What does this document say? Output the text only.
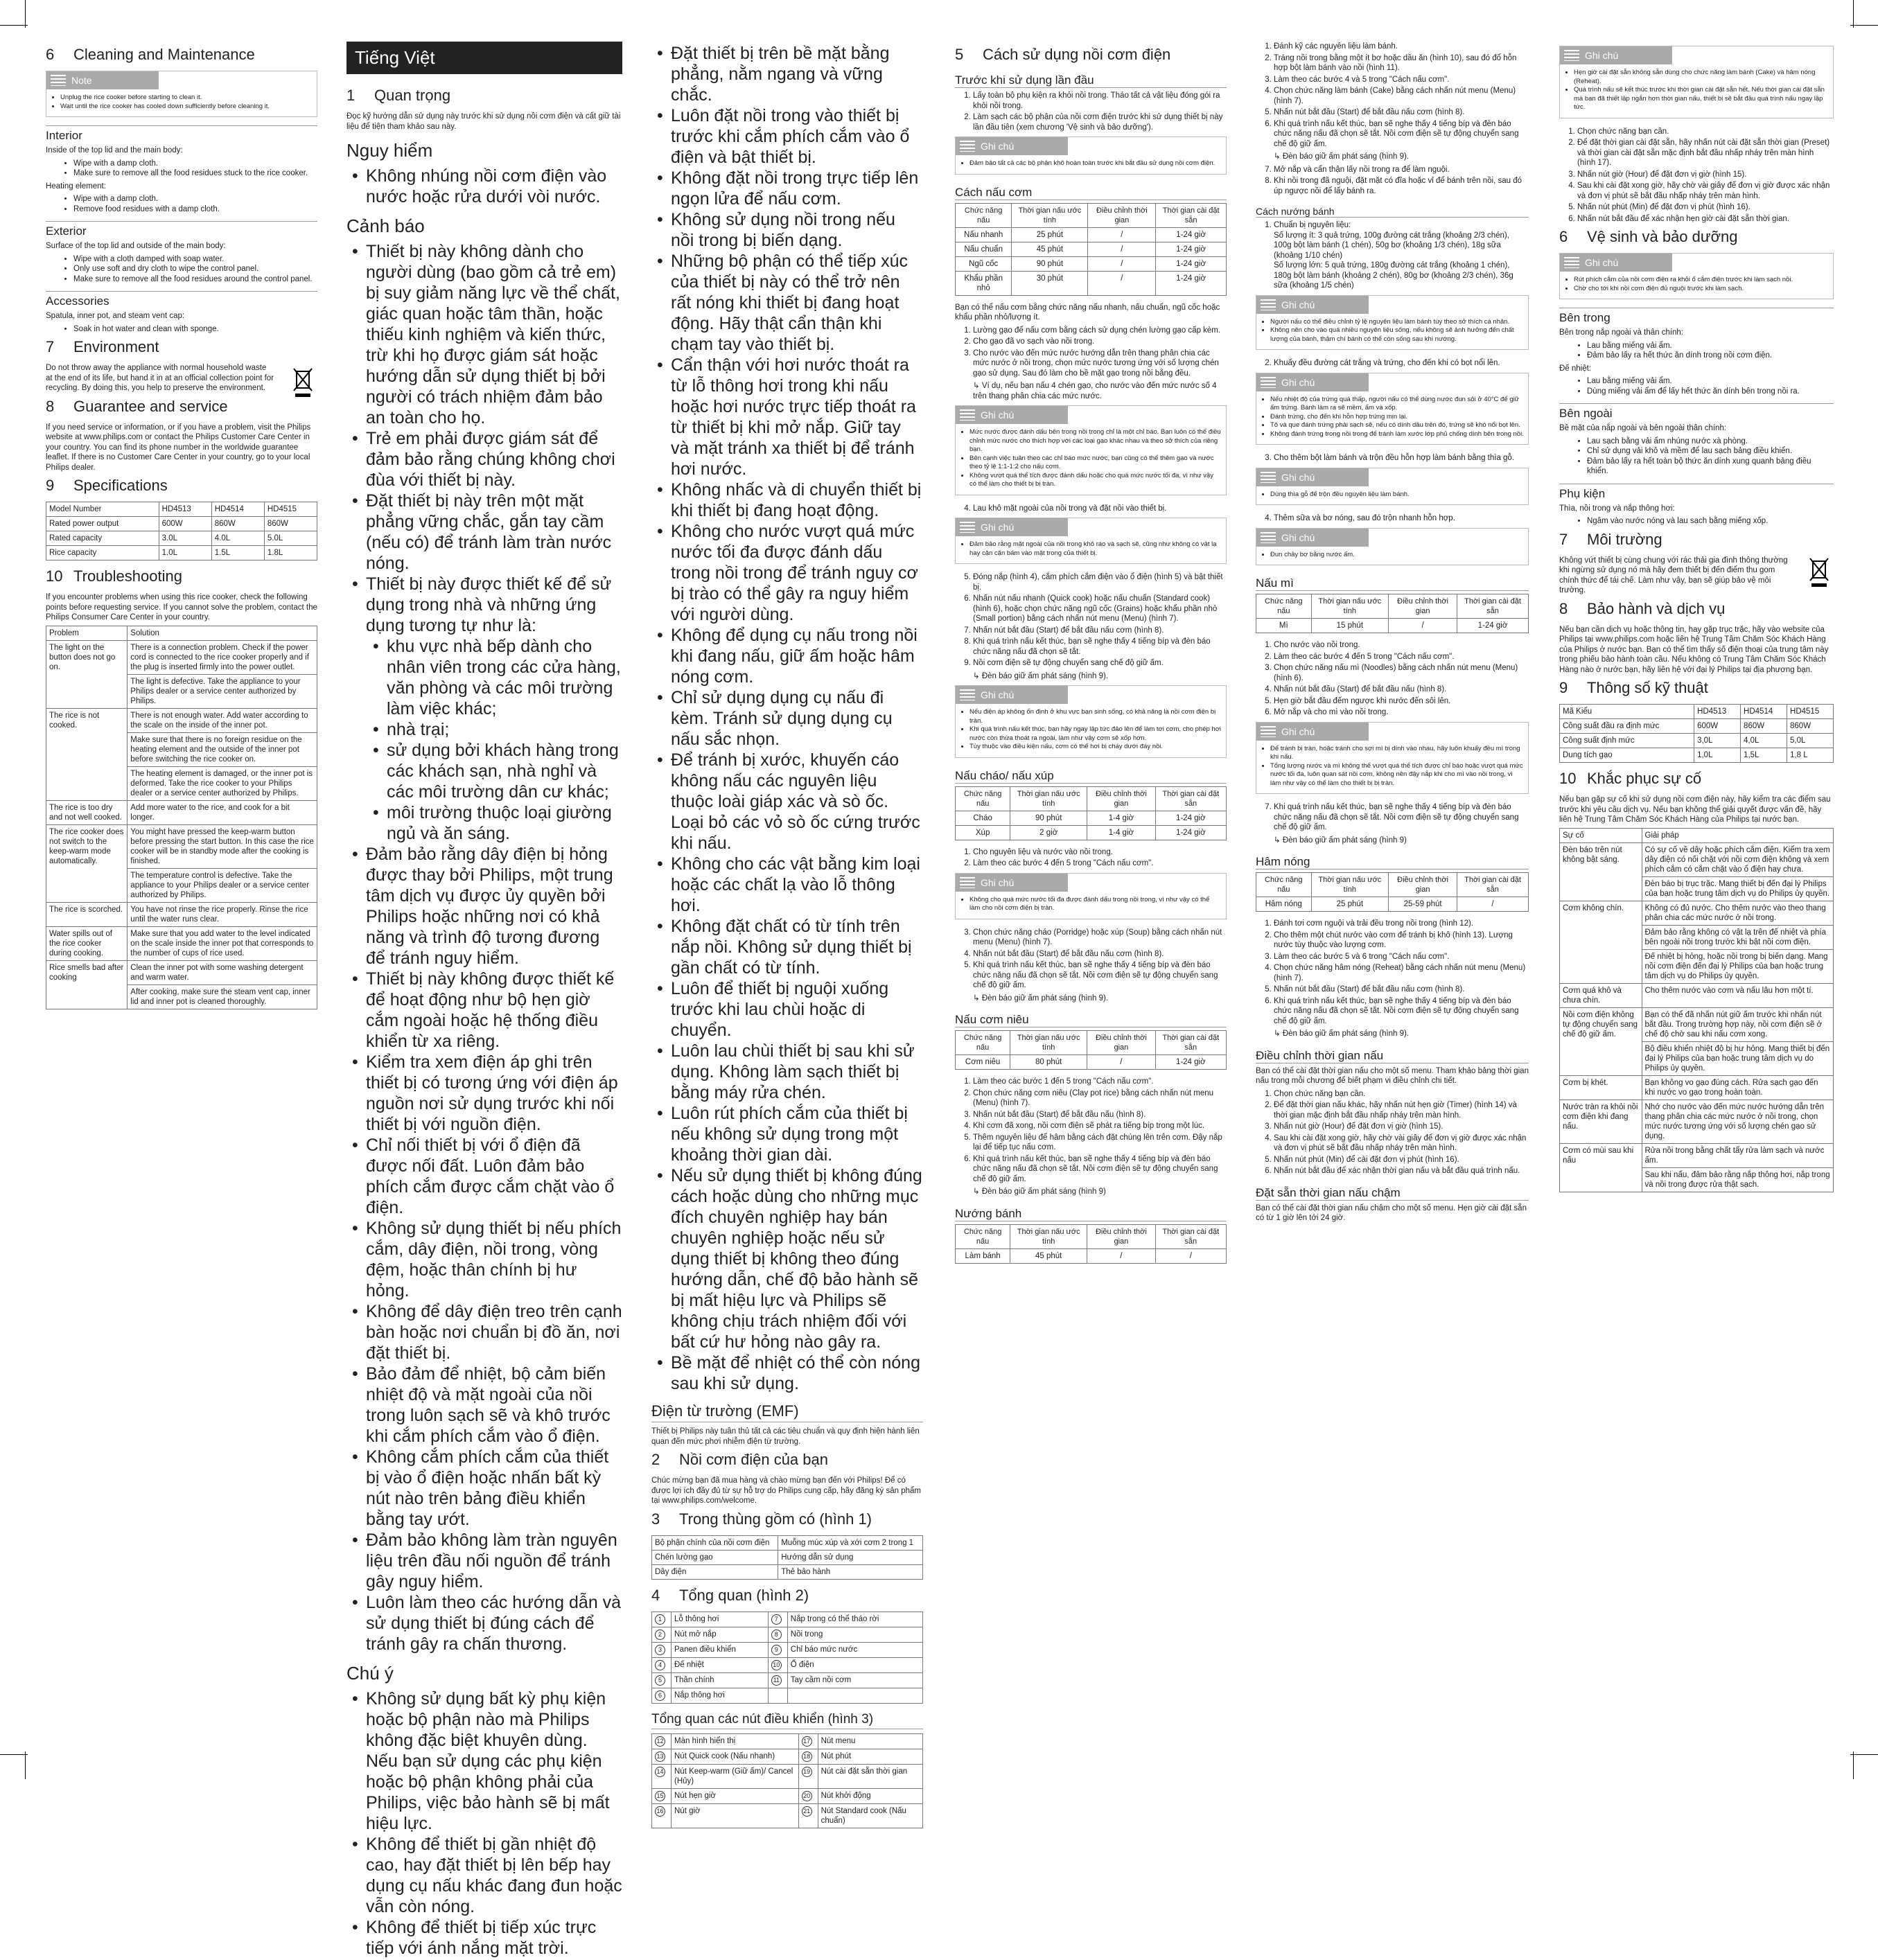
6 Cleaning and Maintenance
Note
• Unplug the rice cooker before starting to clean it.
• Wait until the rice cooker has cooled down sufficiently before cleaning it.
Interior

Inside of the top lid and the main body:

• Wipe with a damp cloth.
• Make sure to remove all the food residues stuck to the rice cooker.

Heating element:

• Wipe with a damp cloth.
• Remove food residues with a damp cloth.
Exterior

Surface of the top lid and outside of the main body:

• Wipe with a cloth damped with soap water.
• Only use soft and dry cloth to wipe the control panel.
• Make sure to remove all the food residues around the control panel.
Accessories

Spatula, inner pot, and steam vent cap:

• Soak in hot water and clean with sponge.
7 Environment

Do not throw away the appliance with normal household waste at the end of its life, but hand it in at an official collection point for recycling. By doing this, you help to preserve the environment.

8 Guarantee and service

If you need service or information, or if you have a problem, visit the Philips website at www.philips.com or contact the Philips Customer Care Center in your country. You can find its phone number in the worldwide guarantee leaflet. If there is no Customer Care Center in your country, go to your local Philips dealer.

9 Specifications
Model Number	HD4513	HD4514	HD4515
Rated power output	600W	860W	860W
Rated capacity	3.0L	4.0L	5.0L
Rice capacity	1.0L	1.5L	1.8L
10 Troubleshooting

If you encounter problems when using this rice cooker, check the following points before requesting service. If you cannot solve the problem, contact the Philips Consumer Care Center in your country.

Problem	Solution
The light on the button does not go on.	There is a connection problem. Check if the power cord is connected to the rice cooker properly and if the plug is inserted firmly into the power outlet.
	The light is defective. Take the appliance to your Philips dealer or a service center authorized by Philips.
The rice is not cooked.	There is not enough water. Add water according to the scale on the inside of the inner pot.
	Make sure that there is no foreign residue on the heating element and the outside of the inner pot before switching the rice cooker on.
	The heating element is damaged, or the inner pot is deformed. Take the rice cooker to your Philips dealer or a service center authorized by Philips.
The rice is too dry and not well cooked.	Add more water to the rice, and cook for a bit longer.
The rice cooker does not switch to the keep-warm mode automatically.	You might have pressed the keep-warm button before pressing the start button. In this case the rice cooker will be in standby mode after the cooking is finished.
	The temperature control is defective. Take the appliance to your Philips dealer or a service center authorized by Philips.
The rice is scorched.	You have not rinse the rice properly. Rinse the rice until the water runs clear.
Water spills out of the rice cooker during cooking.	Make sure that you add water to the level indicated on the scale inside the inner pot that corresponds to the number of cups of rice used.
Rice smells bad after cooking	Clean the inner pot with some washing detergent and warm water.
	After cooking, make sure the steam vent cap, inner lid and inner pot is cleaned thoroughly.
Tiếng Việt
1 Quan trọng

Đọc kỹ hướng dẫn sử dụng này trước khi sử dụng nồi cơm điện và cất giữ tài liệu để tiện tham khảo sau này.

Nguy hiểm
• Không nhúng nồi cơm điện vào nước hoặc rửa dưới vòi nước.
Cảnh báo
• Thiết bị này không dành cho người dùng (bao gồm cả trẻ em) bị suy giảm năng lực về thể chất, giác quan hoặc tâm thần, hoặc thiếu kinh nghiệm và kiến thức, trừ khi họ được giám sát hoặc hướng dẫn sử dụng thiết bị bởi người có trách nhiệm đảm bảo an toàn cho họ.
• Trẻ em phải được giám sát để đảm bảo rằng chúng không chơi đùa với thiết bị này.
• Đặt thiết bị này trên một mặt phẳng vững chắc, gắn tay cầm (nếu có) để tránh làm tràn nước nóng.
• Thiết bị này được thiết kế để sử dụng trong nhà và những ứng dụng tương tự như là:
• khu vực nhà bếp dành cho nhân viên trong các cửa hàng, văn phòng và các môi trường làm việc khác;
• nhà trại;
• sử dụng bởi khách hàng trong các khách sạn, nhà nghỉ và các môi trường dân cư khác;
• môi trường thuộc loại giường ngủ và ăn sáng.
• Đảm bảo rằng dây điện bị hỏng được thay bởi Philips, một trung tâm dịch vụ được ủy quyền bởi Philips hoặc những nơi có khả năng và trình độ tương đương để tránh nguy hiểm.
• Thiết bị này không được thiết kế để hoạt động như bộ hẹn giờ cắm ngoài hoặc hệ thống điều khiển từ xa riêng.
• Kiểm tra xem điện áp ghi trên thiết bị có tương ứng với điện áp nguồn nơi sử dụng trước khi nối thiết bị với nguồn điện.
• Chỉ nối thiết bị với ổ điện đã được nối đất. Luôn đảm bảo phích cắm được cắm chặt vào ổ điện.
• Không sử dụng thiết bị nếu phích cắm, dây điện, nồi trong, vòng đệm, hoặc thân chính bị hư hỏng.
• Không để dây điện treo trên cạnh bàn hoặc nơi chuẩn bị đồ ăn, nơi đặt thiết bị.
• Bảo đảm để nhiệt, bộ cảm biến nhiệt độ và mặt ngoài của nồi trong luôn sạch sẽ và khô trước khi cắm phích cắm vào ổ điện.
• Không cắm phích cắm của thiết bị vào ổ điện hoặc nhấn bất kỳ nút nào trên bảng điều khiển bằng tay ướt.
• Đảm bảo không làm tràn nguyên liệu trên đầu nối nguồn để tránh gây nguy hiểm.
• Luôn làm theo các hướng dẫn và sử dụng thiết bị đúng cách để tránh gây ra chấn thương.
Chú ý
• Không sử dụng bất kỳ phụ kiện hoặc bộ phận nào mà Philips không đặc biệt khuyên dùng. Nếu bạn sử dụng các phụ kiện hoặc bộ phận không phải của Philips, việc bảo hành sẽ bị mất hiệu lực.
• Không để thiết bị gần nhiệt độ cao, hay đặt thiết bị lên bếp hay dụng cụ nấu khác đang đun hoặc vẫn còn nóng.
• Không để thiết bị tiếp xúc trực tiếp với ánh nắng mặt trời.
• Đặt thiết bị trên bề mặt bằng phẳng, nằm ngang và vững chắc.
• Luôn đặt nồi trong vào thiết bị trước khi cắm phích cắm vào ổ điện và bật thiết bị.
• Không đặt nồi trong trực tiếp lên ngọn lửa để nấu cơm.
• Không sử dụng nồi trong nếu nồi trong bị biến dạng.
• Những bộ phận có thể tiếp xúc của thiết bị này có thể trở nên rất nóng khi thiết bị đang hoạt động. Hãy thật cẩn thận khi chạm tay vào thiết bị.
• Cẩn thận với hơi nước thoát ra từ lỗ thông hơi trong khi nấu hoặc hơi nước trực tiếp thoát ra từ thiết bị khi mở nắp. Giữ tay và mặt tránh xa thiết bị để tránh hơi nước.
• Không nhấc và di chuyển thiết bị khi thiết bị đang hoạt động.
• Không cho nước vượt quá mức nước tối đa được đánh dấu trong nồi trong để tránh nguy cơ bị trào có thể gây ra nguy hiểm với người dùng.
• Không để dụng cụ nấu trong nồi khi đang nấu, giữ ấm hoặc hâm nóng cơm.
• Chỉ sử dụng dụng cụ nấu đi kèm. Tránh sử dụng dụng cụ nấu sắc nhọn.
• Để tránh bị xước, khuyến cáo không nấu các nguyên liệu thuộc loài giáp xác và sò ốc. Loại bỏ các vỏ sò ốc cứng trước khi nấu.
• Không cho các vật bằng kim loại hoặc các chất lạ vào lỗ thông hơi.
• Không đặt chất có từ tính trên nắp nồi. Không sử dụng thiết bị gần chất có từ tính.
• Luôn để thiết bị nguội xuống trước khi lau chùi hoặc di chuyển.
• Luôn lau chùi thiết bị sau khi sử dụng. Không làm sạch thiết bị bằng máy rửa chén.
• Luôn rút phích cắm của thiết bị nếu không sử dụng trong một khoảng thời gian dài.
• Nếu sử dụng thiết bị không đúng cách hoặc dùng cho những mục đích chuyên nghiệp hay bán chuyên nghiệp hoặc nếu sử dụng thiết bị không theo đúng hướng dẫn, chế độ bảo hành sẽ bị mất hiệu lực và Philips sẽ không chịu trách nhiệm đối với bất cứ hư hỏng nào gây ra.
• Bề mặt để nhiệt có thể còn nóng sau khi sử dụng.
Điện từ trường (EMF)

Thiết bị Philips này tuân thủ tất cả các tiêu chuẩn và quy định hiện hành liên quan đến mức phơi nhiễm điện từ trường.

2 Nồi cơm điện của bạn

Chúc mừng bạn đã mua hàng và chào mừng bạn đến với Philips! Để có được lợi ích đầy đủ từ sự hỗ trợ do Philips cung cấp, hãy đăng ký sản phẩm tại www.philips.com/welcome.

3 Trong thùng gồm có (hình 1)
Bộ phận chính của nồi cơm điện	Muỗng múc xúp và xới cơm 2 trong 1
Chén lường gạo	Hướng dẫn sử dụng
Dây điện	Thẻ bảo hành
4 Tổng quan (hình 2)
1	Lỗ thông hơi	7	Nắp trong có thể tháo rời
2	Nút mở nắp	8	Nồi trong
3	Panen điều khiển	9	Chỉ báo mức nước
4	Đế nhiệt	10	Ổ điện
5	Thân chính	11	Tay cầm nồi cơm
6	Nắp thông hơi		
Tổng quan các nút điều khiển (hình 3)
12	Màn hình hiển thị	17	Nút menu
13	Nút Quick cook (Nấu nhanh)	18	Nút phút
14	Nút Keep-warm (Giữ ấm)/ Cancel (Hủy)	19	Nút cài đặt sẵn thời gian
15	Nút hẹn giờ	20	Nút khởi động
16	Nút giờ	21	Nút Standard cook (Nấu chuẩn)
5 Cách sử dụng nồi cơm điện
Trước khi sử dụng lần đầu
1. Lấy toàn bộ phụ kiện ra khỏi nồi trong. Tháo tất cả vật liệu đóng gói ra khỏi nồi trong.
2. Làm sạch các bộ phận của nồi cơm điện trước khi sử dụng thiết bị này lần đầu tiên (xem chương 'Vệ sinh và bảo dưỡng').
Ghi chú
• Đảm bảo tất cả các bộ phận khô hoàn toàn trước khi bắt đầu sử dụng nồi cơm điện.
Cách nấu cơm
Chức năng nấu	Thời gian nấu ước tính	Điều chỉnh thời gian	Thời gian cài đặt sẵn
Nấu nhanh	25 phút	/	1-24 giờ
Nấu chuẩn	45 phút	/	1-24 giờ
Ngũ cốc	90 phút	/	1-24 giờ
Khẩu phần nhỏ	30 phút	/	1-24 giờ

Bạn có thể nấu cơm bằng chức năng nấu nhanh, nấu chuẩn, ngũ cốc hoặc khẩu phần nhỏ/lượng ít.

1. Lường gạo để nấu cơm bằng cách sử dụng chén lường gạo cấp kèm.
2. Cho gạo đã vo sạch vào nồi trong.
3. Cho nước vào đến mức nước hướng dẫn trên thang phân chia các mức nước ở nồi trong, chọn mức nước tương ứng với số lượng chén gạo sử dụng. Sau đó làm cho bề mặt gạo trong nồi bằng đều.

↳ Ví dụ, nếu bạn nấu 4 chén gạo, cho nước vào đến mức nước số 4 trên thang phân chia các mức nước.

Ghi chú
• Mức nước được đánh dấu bên trong nồi trong chỉ là một chỉ báo. Bạn luôn có thể điều chỉnh mức nước cho thích hợp với các loại gạo khác nhau và theo sở thích của riêng bạn.
• Bên cạnh việc tuân theo các chỉ báo mức nước, bạn cũng có thể thêm gạo và nước theo tỷ lệ 1:1-1:2 cho nấu cơm.
• Không vượt quá thể tích được đánh dấu hoặc cho quá mức nước tối đa, vì như vậy có thể làm cho thiết bị bị tràn.
4. Lau khô mặt ngoài của nồi trong và đặt nồi vào thiết bị.
Ghi chú
• Đảm bảo rằng mặt ngoài của nồi trong khô ráo và sạch sẽ, cũng như không có vật lạ hay cặn cặn bám vào mặt trong của thiết bị.
5. Đóng nắp (hình 4), cắm phích cắm điện vào ổ điện (hình 5) và bật thiết bị.
6. Nhấn nút nấu nhanh (Quick cook) hoặc nấu chuẩn (Standard cook) (hình 6), hoặc chọn chức năng ngũ cốc (Grains) hoặc khẩu phần nhỏ (Small portion) bằng cách nhấn nút menu (Menu) (hình 7).
7. Nhấn nút bắt đầu (Start) để bắt đầu nấu cơm (hình 8).
8. Khi quá trình nấu kết thúc, bạn sẽ nghe thấy 4 tiếng bíp và đèn báo chức năng nấu đã chọn sẽ tắt.
9. Nồi cơm điện sẽ tự động chuyển sang chế độ giữ ấm.

↳ Đèn báo giữ ấm phát sáng (hình 9).

Ghi chú
• Nếu điện áp không ổn định ở khu vực bạn sinh sống, có khả năng là nồi cơm điện bị tràn.
• Khi quá trình nấu kết thúc, bạn hãy ngay lập tức đảo lên để làm tơi cơm, cho phép hơi nước còn thừa thoát ra ngoài, làm như vậy cơm sẽ xốp hơn.
• Tùy thuộc vào điều kiện nấu, cơm có thể hơi bị cháy dưới đáy nồi.
Nấu cháo/ nấu xúp
Chức năng nấu	Thời gian nấu ước tính	Điều chỉnh thời gian	Thời gian cài đặt sẵn
Cháo	90 phút	1-4 giờ	1-24 giờ
Xúp	2 giờ	1-4 giờ	1-24 giờ
1. Cho nguyên liệu và nước vào nồi trong.
2. Làm theo các bước 4 đến 5 trong "Cách nấu cơm".
Ghi chú
• Không cho quá mức nước tối đa được đánh dấu trong nồi trong, vì như vậy có thể làm cho nồi cơm điện bị tràn.
3. Chọn chức năng cháo (Porridge) hoặc xúp (Soup) bằng cách nhấn nút menu (Menu) (hình 7).
4. Nhấn nút bắt đầu (Start) để bắt đầu nấu cơm (hình 8).
5. Khi quá trình nấu kết thúc, bạn sẽ nghe thấy 4 tiếng bíp và đèn báo chức năng nấu đã chọn sẽ tắt. Nồi cơm điện sẽ tự động chuyển sang chế độ giữ ấm.

↳ Đèn báo giữ ấm phát sáng (hình 9).

Nấu cơm niêu
Chức năng nấu	Thời gian nấu ước tính	Điều chỉnh thời gian	Thời gian cài đặt sẵn
Cơm niêu	80 phút	/	1-24 giờ
1. Làm theo các bước 1 đến 5 trong "Cách nấu cơm".
2. Chọn chức năng cơm niêu (Clay pot rice) bằng cách nhấn nút menu (Menu) (hình 7).
3. Nhấn nút bắt đầu (Start) để bắt đầu nấu (hình 8).
4. Khi cơm đã xong, nồi cơm điện sẽ phát ra tiếng bíp trong một lúc.
5. Thêm nguyên liệu để hâm bằng cách đặt chúng lên trên cơm. Đậy nắp lại để tiếp tục nấu cơm.
6. Khi quá trình nấu kết thúc, bạn sẽ nghe thấy 4 tiếng bíp và đèn báo chức năng nấu đã chọn sẽ tắt. Nồi cơm điện sẽ tự động chuyển sang chế độ giữ ấm.

↳ Đèn báo giữ ấm phát sáng (hình 9)

Nướng bánh
Chức năng nấu	Thời gian nấu ước tính	Điều chỉnh thời gian	Thời gian cài đặt sẵn
Làm bánh	45 phút	/	/
1. Đánh kỹ các nguyên liệu làm bánh.
2. Tráng nồi trong bằng một ít bơ hoặc dầu ăn (hình 10), sau đó đổ hỗn hợp bột làm bánh vào nồi (hình 11).
3. Làm theo các bước 4 và 5 trong "Cách nấu cơm".
4. Chọn chức năng làm bánh (Cake) bằng cách nhấn nút menu (Menu) (hình 7).
5. Nhấn nút bắt đầu (Start) để bắt đầu nấu cơm (hình 8).
6. Khi quá trình nấu kết thúc, bạn sẽ nghe thấy 4 tiếng bíp và đèn báo chức năng nấu đã chọn sẽ tắt. Nồi cơm điện sẽ tự động chuyển sang chế độ giữ ấm.

↳ Đèn báo giữ ấm phát sáng (hình 9).

7. Mở nắp và cẩn thận lấy nồi trong ra để làm nguội.
8. Khi nồi trong đã nguội, đặt mặt có đĩa hoặc vỉ để bánh trên nồi, sau đó úp ngược nồi để lấy bánh ra.
Cách nướng bánh
1. Chuẩn bị nguyên liệu:
Số lượng ít: 3 quả trứng, 100g đường cát trắng (khoảng 2/3 chén), 100g bột làm bánh (1 chén), 50g bơ (khoảng 1/3 chén), 18g sữa (khoảng 1/10 chén)
Số lượng lớn: 5 quả trứng, 180g đường cát trắng (khoảng 1 chén), 180g bột làm bánh (khoảng 2 chén), 80g bơ (khoảng 2/3 chén), 36g sữa (khoảng 1/5 chén)
Ghi chú
• Người nấu có thể điều chỉnh tỷ lệ nguyên liệu làm bánh tùy theo sở thích cá nhân.
• Không nên cho vào quá nhiều nguyên liệu sống, nếu không sẽ ảnh hưởng đến chất lượng của bánh, thậm chí bánh có thể còn sống sau khi nướng.
2. Khuấy đều đường cát trắng và trứng, cho đến khi có bọt nổi lên.
Ghi chú
• Nếu nhiệt độ của trứng quá thấp, người nấu có thể dùng nước đun sôi ở 40°C để giữ ấm trứng. Bánh làm ra sẽ mềm, ẩm và xốp.
• Đánh trứng, cho đến khi hỗn hợp trứng mịn lại.
• Tô và que đánh trứng phải sạch sẽ, nếu có dính dầu trên đó, trứng sẽ khó nổi bọt lên.
• Không đánh trứng trong nồi trong để tránh làm xước lớp phủ chống dính bên trong nồi.
3. Cho thêm bột làm bánh và trộn đều hỗn hợp làm bánh bằng thìa gỗ.
Ghi chú
• Dùng thìa gỗ để trộn đều nguyên liệu làm bánh.
4. Thêm sữa và bơ nóng, sau đó trộn nhanh hỗn hợp.
Ghi chú
• Đun chảy bơ bằng nước ấm.
Nấu mì
Chức năng nấu	Thời gian nấu ước tính	Điều chỉnh thời gian	Thời gian cài đặt sẵn
Mì	15 phút	/	1-24 giờ
1. Cho nước vào nồi trong.
2. Làm theo các bước 4 đến 5 trong "Cách nấu cơm".
3. Chọn chức năng nấu mì (Noodles) bằng cách nhấn nút menu (Menu) (hình 6).
4. Nhấn nút bắt đầu (Start) để bắt đầu nấu (hình 8).
5. Hẹn giờ bắt đầu đếm ngược khi nước đến sôi lên.
6. Mở nắp và cho mì vào nồi trong.
Ghi chú
• Để tránh bị tràn, hoặc tránh cho sợi mì bị dính vào nhau, hãy luôn khuấy đều mì trong khi nấu.
• Tổng lượng nước và mì không thể vượt quá thể tích được chỉ báo hoặc vượt quá mức nước tối đa, luôn quan sát nồi cơm, không nên đậy nắp khi cho mì vào nồi trong, vì làm như vậy có thể làm cho thiết bị bị tràn.
7. Khi quá trình nấu kết thúc, bạn sẽ nghe thấy 4 tiếng bíp và đèn báo chức năng nấu đã chọn sẽ tắt. Nồi cơm điện sẽ tự động chuyển sang chế độ giữ ấm.

↳ Đèn báo giữ ấm phát sáng (hình 9)

Hâm nóng
Chức năng nấu	Thời gian nấu ước tính	Điều chỉnh thời gian	Thời gian cài đặt sẵn
Hâm nóng	25 phút	25-59 phút	/
1. Đánh tơi cơm nguội và trải đều trong nồi trong (hình 12).
2. Cho thêm một chút nước vào cơm để tránh bị khô (hình 13). Lượng nước tùy thuộc vào lượng cơm.
3. Làm theo các bước 5 và 6 trong "Cách nấu cơm".
4. Chọn chức năng hâm nóng (Reheat) bằng cách nhấn nút menu (Menu) (hình 7).
5. Nhấn nút bắt đầu (Start) để bắt đầu nấu cơm (hình 8).
6. Khi quá trình nấu kết thúc, bạn sẽ nghe thấy 4 tiếng bíp và đèn báo chức năng nấu đã chọn sẽ tắt. Nồi cơm điện sẽ tự động chuyển sang chế độ giữ ấm.

↳ Đèn báo giữ ấm phát sáng (hình 9).

Điều chỉnh thời gian nấu

Bạn có thể cài đặt thời gian nấu cho một số menu. Tham khảo bảng thời gian nấu trong mỗi chương để biết phạm vi điều chỉnh chi tiết.

1. Chọn chức năng bạn cần.
2. Để đặt thời gian nấu khác, hãy nhấn nút hẹn giờ (Timer) (hình 14) và thời gian mặc định bắt đầu nhấp nháy trên màn hình.
3. Nhấn nút giờ (Hour) để đặt đơn vị giờ (hình 15).
4. Sau khi cài đặt xong giờ, hãy chờ vài giây để đơn vị giờ được xác nhận và đơn vị phút sẽ bắt đầu nhấp nháy trên màn hình.
5. Nhấn nút phút (Min) để cài đặt đơn vị phút (hình 16).
6. Nhấn nút bắt đầu để xác nhận thời gian nấu và bắt đầu quá trình nấu.
Đặt sẵn thời gian nấu chậm

Bạn có thể cài đặt thời gian nấu chậm cho một số menu. Hẹn giờ cài đặt sẵn có từ 1 giờ lên tới 24 giờ.

Ghi chú
• Hẹn giờ cài đặt sẵn không sẵn dùng cho chức năng làm bánh (Cake) và hâm nóng (Reheat).
• Quá trình nấu sẽ kết thúc trước khi thời gian cài đặt sẵn hết. Nếu thời gian cài đặt sẵn mà bạn đã thiết lập ngắn hơn thời gian nấu, thiết bị sẽ bắt đầu quá trình nấu ngay lập tức.
1. Chọn chức năng bạn cần.
2. Để đặt thời gian cài đặt sẵn, hãy nhấn nút cài đặt sẵn thời gian (Preset) và thời gian cài đặt sẵn mặc định bắt đầu nhấp nháy trên màn hình (hình 17).
3. Nhấn nút giờ (Hour) để đặt đơn vị giờ (hình 15).
4. Sau khi cài đặt xong giờ, hãy chờ vài giây để đơn vị giờ được xác nhận và đơn vị phút sẽ bắt đầu nhấp nháy trên màn hình.
5. Nhấn nút phút (Min) để đặt đơn vị phút (hình 16).
6. Nhấn nút bắt đầu để xác nhận hẹn giờ cài đặt sẵn thời gian.
6 Vệ sinh và bảo dưỡng
Ghi chú
• Rút phích cắm của nồi cơm điện ra khỏi ổ cắm điện trước khi làm sạch nồi.
• Chờ cho tới khi nồi cơm điện đủ nguội trước khi làm sạch.
Bên trong

Bên trong nắp ngoài và thân chính:

• Lau bằng miếng vải ẩm.
• Đảm bảo lấy ra hết thức ăn dính trong nồi cơm điện.

Đế nhiệt:

• Lau bằng miếng vải ẩm.
• Dùng miếng vải ẩm để lấy hết thức ăn dính bên trong nồi ra.
Bên ngoài

Bề mặt của nắp ngoài và bên ngoài thân chính:

• Lau sạch bằng vải ẩm nhúng nước xà phòng.
• Chỉ sử dụng vải khô và mềm để lau sạch bảng điều khiển.
• Đảm bảo lấy ra hết toàn bộ thức ăn dính xung quanh bảng điều khiển.
Phụ kiện

Thìa, nồi trong và nắp thông hơi:

• Ngâm vào nước nóng và lau sạch bằng miếng xốp.
7 Môi trường

Không vứt thiết bị cùng chung với rác thải gia đình thông thường khi ngừng sử dụng nó mà hãy đem thiết bị đến điểm thu gom chính thức để tái chế. Làm như vậy, bạn sẽ giúp bảo vệ môi trường.

8 Bảo hành và dịch vụ

Nếu bạn cần dịch vụ hoặc thông tin, hay gặp trục trặc, hãy vào website của Philips tại www.philips.com hoặc liên hệ Trung Tâm Chăm Sóc Khách Hàng của Philips ở nước bạn. Bạn có thể tìm thấy số điện thoại của trung tâm này trong phiếu bảo hành toàn cầu. Nếu không có Trung Tâm Chăm Sóc Khách Hàng nào ở nước bạn, hãy liên hệ với đại lý Philips tại địa phương bạn.

9 Thông số kỹ thuật
Mã Kiểu	HD4513	HD4514	HD4515
Công suất đầu ra định mức	600W	860W	860W
Công suất định mức	3,0L	4,0L	5,0L
Dung tích gạo	1,0L	1,5L	1,8 L
10 Khắc phục sự cố

Nếu bạn gặp sự cố khi sử dụng nồi cơm điện này, hãy kiểm tra các điểm sau trước khi yêu cầu dịch vụ. Nếu bạn không thể giải quyết được vấn đề, hãy liên hệ Trung Tâm Chăm Sóc Khách Hàng của Philips tại nước bạn.

Sự cố	Giải pháp
Đèn báo trên nút không bật sáng.	Có sự cố về dây hoặc phích cắm điện. Kiểm tra xem dây điện có nối chặt với nồi cơm điện không và xem phích cắm có cắm chặt vào ổ điện hay chưa.
	Đèn báo bị trục trặc. Mang thiết bị đến đại lý Philips của bạn hoặc trung tâm dịch vụ do Philips ủy quyền.
Cơm không chín.	Không có đủ nước. Cho thêm nước vào theo thang phân chia các mức nước ở nồi trong.
	Đảm bảo rằng không có vật lạ trên đế nhiệt và phía bên ngoài nồi trong trước khi bật nồi cơm điện.
	Đế nhiệt bị hỏng, hoặc nồi trong bị biến dạng. Mang nồi cơm điện đến đại lý Philips của bạn hoặc trung tâm dịch vụ do Philips ủy quyền.
Cơm quá khô và chưa chín.	Cho thêm nước vào cơm và nấu lâu hơn một tí.
Nồi cơm điện không tự động chuyển sang chế độ giữ ấm.	Bạn có thể đã nhấn nút giữ ấm trước khi nhấn nút bắt đầu. Trong trường hợp này, nồi cơm điện sẽ ở chế độ chờ sau khi nấu cơm xong.
	Bộ điều khiển nhiệt độ bị hư hỏng. Mang thiết bị đến đại lý Philips của bạn hoặc trung tâm dịch vụ do Philips ủy quyền.
Cơm bị khét.	Bạn không vo gạo đúng cách. Rửa sạch gạo đến khi nước vo gạo trong hoàn toàn.
Nước tràn ra khỏi nồi cơm điện khi đang nấu.	Nhớ cho nước vào đến mức nước hướng dẫn trên thang phân chia các mức nước ở nồi trong, chọn mức nước tương ứng với số lượng chén gạo sử dụng.
Cơm có mùi sau khi nấu	Rửa nồi trong bằng chất tẩy rửa làm sạch và nước ấm.
	Sau khi nấu, đảm bảo rằng nắp thông hơi, nắp trong và nồi trong được rửa thật sạch.
